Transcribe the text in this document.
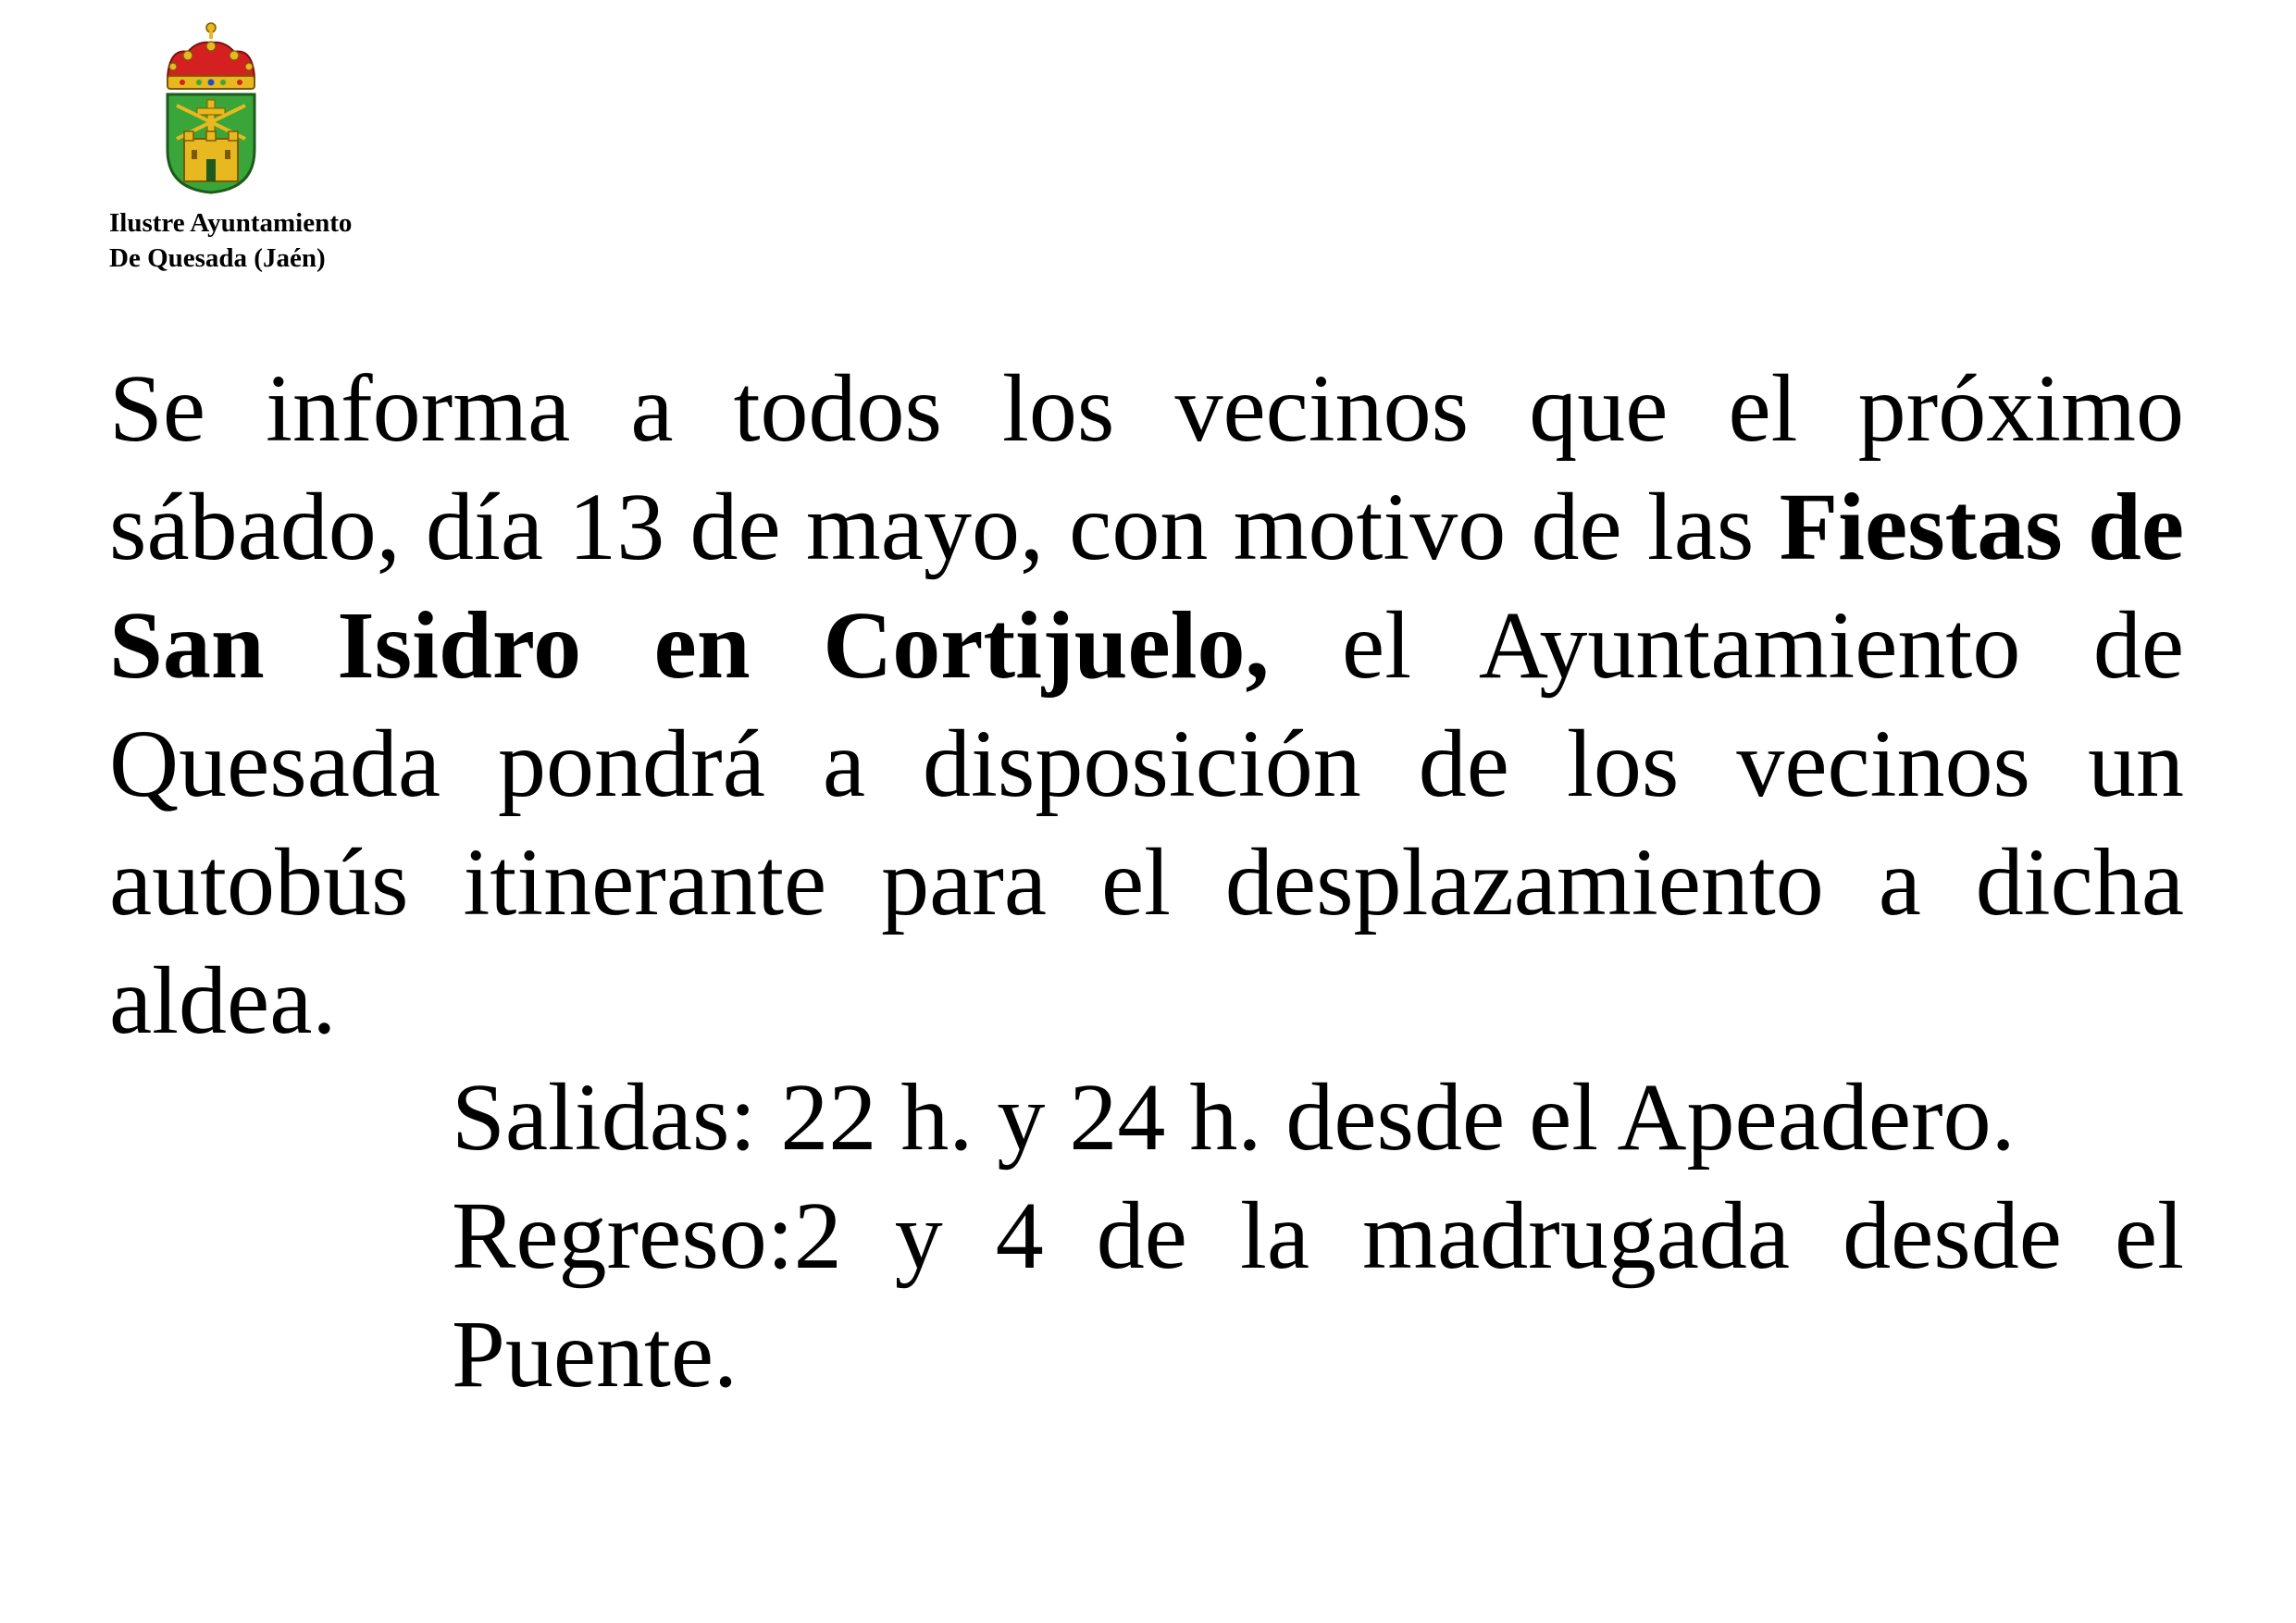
Ilustre Ayuntamiento
De Quesada (Jaén)
Se informa a todos los vecinos que el próximo sábado, día 13 de mayo, con motivo de las Fiestas de San Isidro en Cortijuelo, el Ayuntamiento de Quesada pondrá a disposición de los vecinos un autobús itinerante para el desplazamiento a dicha aldea.

Salidas: 22 h. y 24 h. desde el Apeadero.

Regreso:2 y 4 de la madrugada desde el Puente.
